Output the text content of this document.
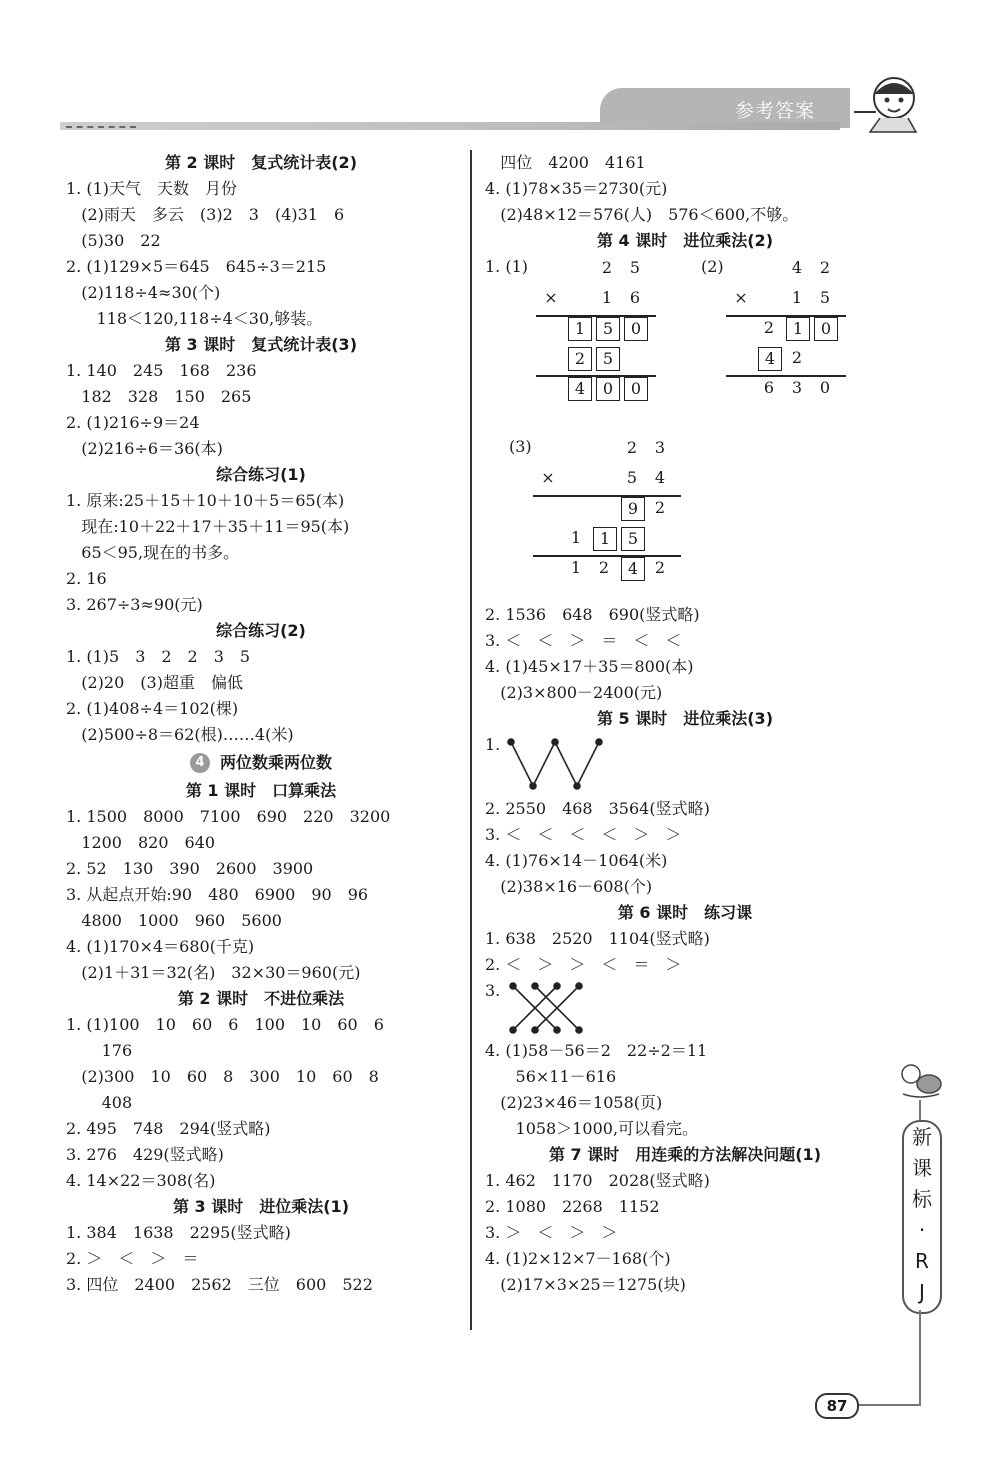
参考答案
第 2 课时　复式统计表(2)
1. (1)天气　天数　月份
(2)雨天　多云　(3)2　3　(4)31　6
(5)30　22
2. (1)129×5＝645　645÷3＝215
(2)118÷4≈30(个)
118＜120,118÷4＜30,够装。
第 3 课时　复式统计表(3)
1. 140　245　168　236
182　328　150　265
2. (1)216÷9＝24
(2)216÷6＝36(本)
综合练习(1)
1. 原来:25＋15＋10＋10＋5＝65(本)
现在:10＋22＋17＋35＋11＝95(本)
65＜95,现在的书多。
2. 16
3. 267÷3≈90(元)
综合练习(2)
1. (1)5　3　2　2　3　5
(2)20　(3)超重　偏低
2. (1)408÷4＝102(棵)
(2)500÷8＝62(根)……4(米)
4 两位数乘两位数
第 1 课时　口算乘法
1. 1500　8000　7100　690　220　3200
1200　820　640
2. 52　130　390　2600　3900
3. 从起点开始:90　480　6900　90　96
4800　1000　960　5600
4. (1)170×4＝680(千克)
(2)1＋31＝32(名)　32×30＝960(元)
第 2 课时　不进位乘法
1. (1)100　10　60　6　100　10　60　6
176
(2)300　10　60　8　300　10　60　8
408
2. 495　748　294(竖式略)
3. 276　429(竖式略)
4. 14×22＝308(名)
第 3 课时　进位乘法(1)
1. 384　1638　2295(竖式略)
2. ＞　＜　＞　＝
3. 四位　2400　2562　三位　600　522
四位　4200　4161
4. (1)78×35＝2730(元)
(2)48×12＝576(人)　576＜600,不够。
第 4 课时　进位乘法(2)
1. (1)	(2)
2	5
×	1	6
1	5	0
2	5
4	0	0
4	2
×	1	5
2	1	0
4	2
6	3	0
(3)	2	3
×	5	4
9	2
1	1	5
1	2	4	2
2. 1536　648　690(竖式略)
3. ＜　＜　＞　＝　＜　＜
4. (1)45×17＋35＝800(本)
(2)3×800－2400(元)
第 5 课时　进位乘法(3)
1.
2. 2550　468　3564(竖式略)
3. ＜　＜　＜　＜　＞　＞
4. (1)76×14－1064(米)
(2)38×16－608(个)
第 6 课时　练习课
1. 638　2520　1104(竖式略)
2. ＜　＞　＞　＜　＝　＞
3.
4. (1)58－56＝2　22÷2＝11
56×11－616
(2)23×46＝1058(页)
1058＞1000,可以看完。
第 7 课时　用连乘的方法解决问题(1)
1. 462　1170　2028(竖式略)
2. 1080　2268　1152
3. ＞　＜　＞　＞
4. (1)2×12×7－168(个)
(2)17×3×25＝1275(块)
新
课
标
·
R
J
87
